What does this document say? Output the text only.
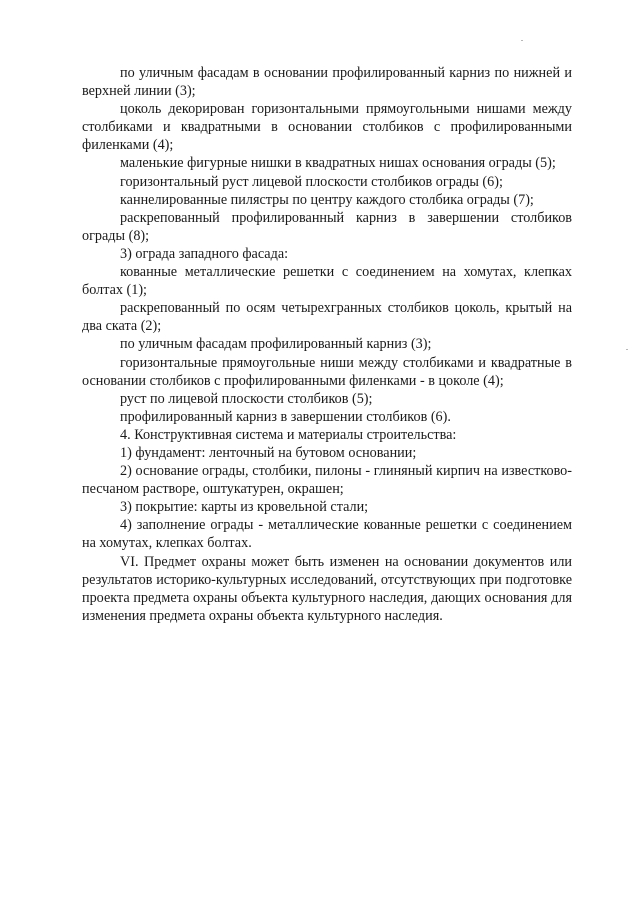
по уличным фасадам в основании профилированный карниз по нижней и верхней линии (3);

цоколь декорирован горизонтальными прямоугольными нишами между столбиками и квадратными в основании столбиков с профилированными филенками (4);

маленькие фигурные нишки в квадратных нишах основания ограды (5);

горизонтальный руст лицевой плоскости столбиков ограды (6);

каннелированные пилястры по центру каждого столбика ограды (7);

раскрепованный профилированный карниз в завершении столбиков ограды (8);

3) ограда западного фасада:

кованные металлические решетки с соединением на хомутах, клепках болтах (1);

раскрепованный по осям четырехгранных столбиков цоколь, крытый на два ската (2);

по уличным фасадам профилированный карниз (3);

горизонтальные прямоугольные ниши между столбиками и квадратные в основании столбиков с профилированными филенками - в цоколе (4);

руст по лицевой плоскости столбиков (5);

профилированный карниз в завершении столбиков (6).

4. Конструктивная система и материалы строительства:

1) фундамент: ленточный на бутовом основании;

2) основание ограды, столбики, пилоны - глиняный кирпич на известково-песчаном растворе, оштукатурен, окрашен;

3) покрытие: карты из кровельной стали;

4) заполнение ограды - металлические кованные решетки с соединением на хомутах, клепках болтах.

VI. Предмет охраны может быть изменен на основании документов или результатов историко-культурных исследований, отсутствующих при подготовке проекта предмета охраны объекта культурного наследия, дающих основания для изменения предмета охраны объекта культурного наследия.
